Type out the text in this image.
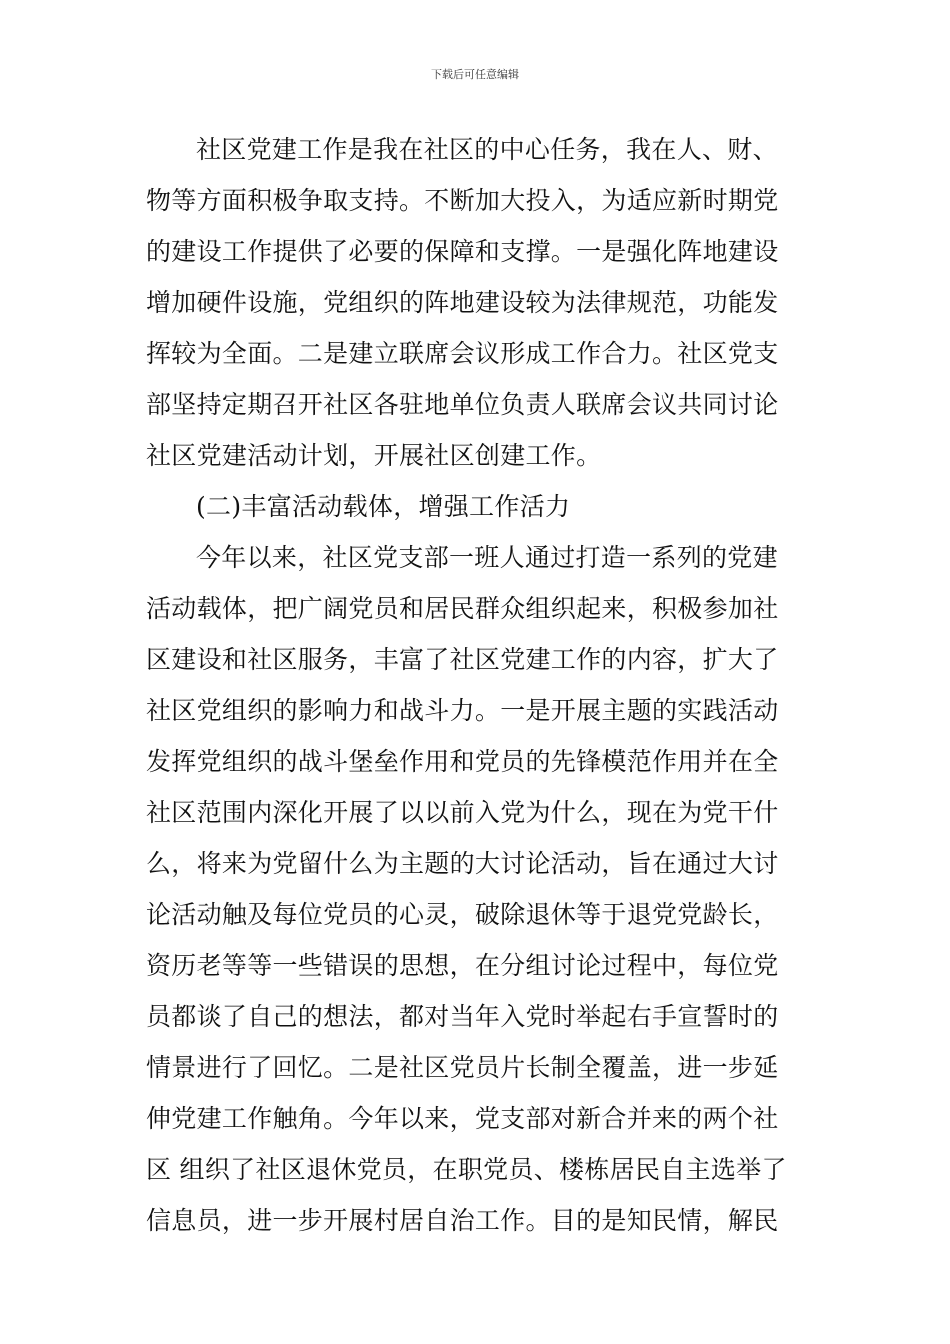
下载后可任意编辑
社区党建工作是我在社区的中心任务，我在人、财、
物等方面积极争取支持。不断加大投入，为适应新时期党
的建设工作提供了必要的保障和支撑。一是强化阵地建设
增加硬件设施，党组织的阵地建设较为法律规范，功能发
挥较为全面。二是建立联席会议形成工作合力。社区党支
部坚持定期召开社区各驻地单位负责人联席会议共同讨论
社区党建活动计划，开展社区创建工作。
(二)丰富活动载体，增强工作活力
今年以来，社区党支部一班人通过打造一系列的党建
活动载体，把广阔党员和居民群众组织起来，积极参加社
区建设和社区服务，丰富了社区党建工作的内容，扩大了
社区党组织的影响力和战斗力。一是开展主题的实践活动
发挥党组织的战斗堡垒作用和党员的先锋模范作用并在全
社区范围内深化开展了以以前入党为什么，现在为党干什
么，将来为党留什么为主题的大讨论活动，旨在通过大讨
论活动触及每位党员的心灵，破除退休等于退党党龄长，
资历老等等一些错误的思想，在分组讨论过程中，每位党
员都谈了自己的想法，都对当年入党时举起右手宣誓时的
情景进行了回忆。二是社区党员片长制全覆盖，进一步延
伸党建工作触角。今年以来，党支部对新合并来的两个社
区 组织了社区退休党员，在职党员、楼栋居民自主选举了
信息员，进一步开展村居自治工作。目的是知民情，解民
